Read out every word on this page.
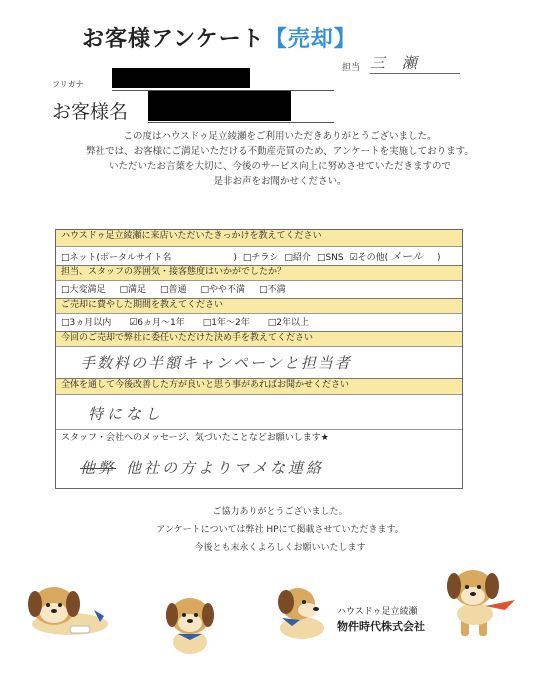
お客様アンケート【売却】
担当 三 瀬
フリガナ
お客様名
この度はハウスドゥ足立綾瀬をご利用いただきありがとうございました。
弊社では、お客様にご満足いただける不動産売買のため、アンケートを実施しております。
いただいたお言葉を大切に、今後のサービス向上に努めさせていただきますので
是非お声をお聞かせください。
ハウスドゥ足立綾瀬に来店いただいたきっかけを教えてください
□ネット(ポータルサイト名	) □チラシ □紹介 □SNS ☑その他( メール )
担当、スタッフの雰囲気・接客態度はいかがでしたか？
□大変満足 □満足 □普通 □やや不満 □不満
ご売却に費やした期間を教えてください
□3ヵ月以内 ☑6ヵ月～1年 □1年～2年 □2年以上
今回のご売却で弊社に委任いただけた決め手を教えてください
手数料の半額キャンペーンと担当者
全体を通して今後改善した方が良いと思う事があればお聞かせください
特になし
スタッフ・会社へのメッセージ、気づいたことなどお願いします★
他弊 他社の方よりマメな連絡
ご協力ありがとうございました。
アンケートについては弊社 HPにて掲載させていただきます。
今後とも末永くよろしくお願いいたします
ハウスドゥ足立綾瀬
物件時代株式会社
